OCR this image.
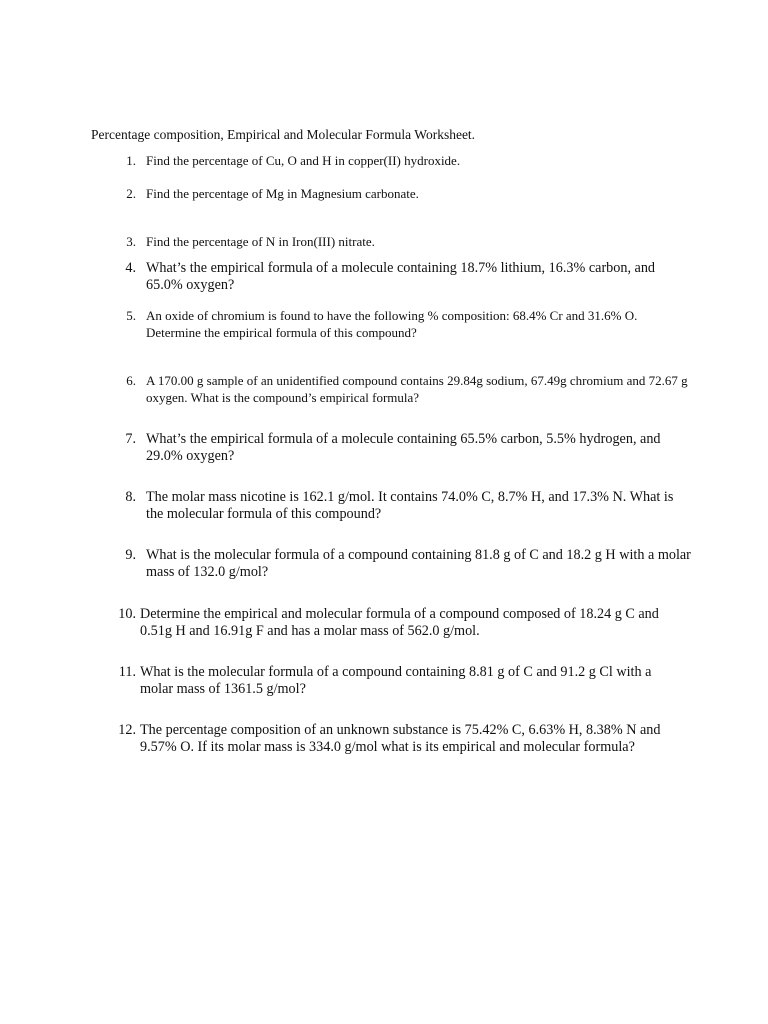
Percentage composition, Empirical and Molecular Formula Worksheet.
1. Find the percentage of Cu, O and H in copper(II) hydroxide.
2. Find the percentage of Mg in Magnesium carbonate.
3. Find the percentage of N in Iron(III) nitrate.
4. What’s the empirical formula of a molecule containing 18.7% lithium, 16.3% carbon, and 65.0% oxygen?
5. An oxide of chromium is found to have the following % composition: 68.4% Cr and 31.6% O. Determine the empirical formula of this compound?
6. A 170.00 g sample of an unidentified compound contains 29.84g sodium, 67.49g chromium and 72.67 g oxygen. What is the compound’s empirical formula?
7. What’s the empirical formula of a molecule containing 65.5% carbon, 5.5% hydrogen, and 29.0% oxygen?
8. The molar mass nicotine is 162.1 g/mol. It contains 74.0% C, 8.7% H, and 17.3% N. What is the molecular formula of this compound?
9. What is the molecular formula of a compound containing 81.8 g of C and 18.2 g H with a molar mass of 132.0 g/mol?
10. Determine the empirical and molecular formula of a compound composed of 18.24 g C and 0.51g H and 16.91g F and has a molar mass of 562.0 g/mol.
11. What is the molecular formula of a compound containing 8.81 g of C and 91.2 g Cl with a molar mass of 1361.5 g/mol?
12. The percentage composition of an unknown substance is 75.42% C, 6.63% H, 8.38% N and 9.57% O. If its molar mass is 334.0 g/mol what is its empirical and molecular formula?
